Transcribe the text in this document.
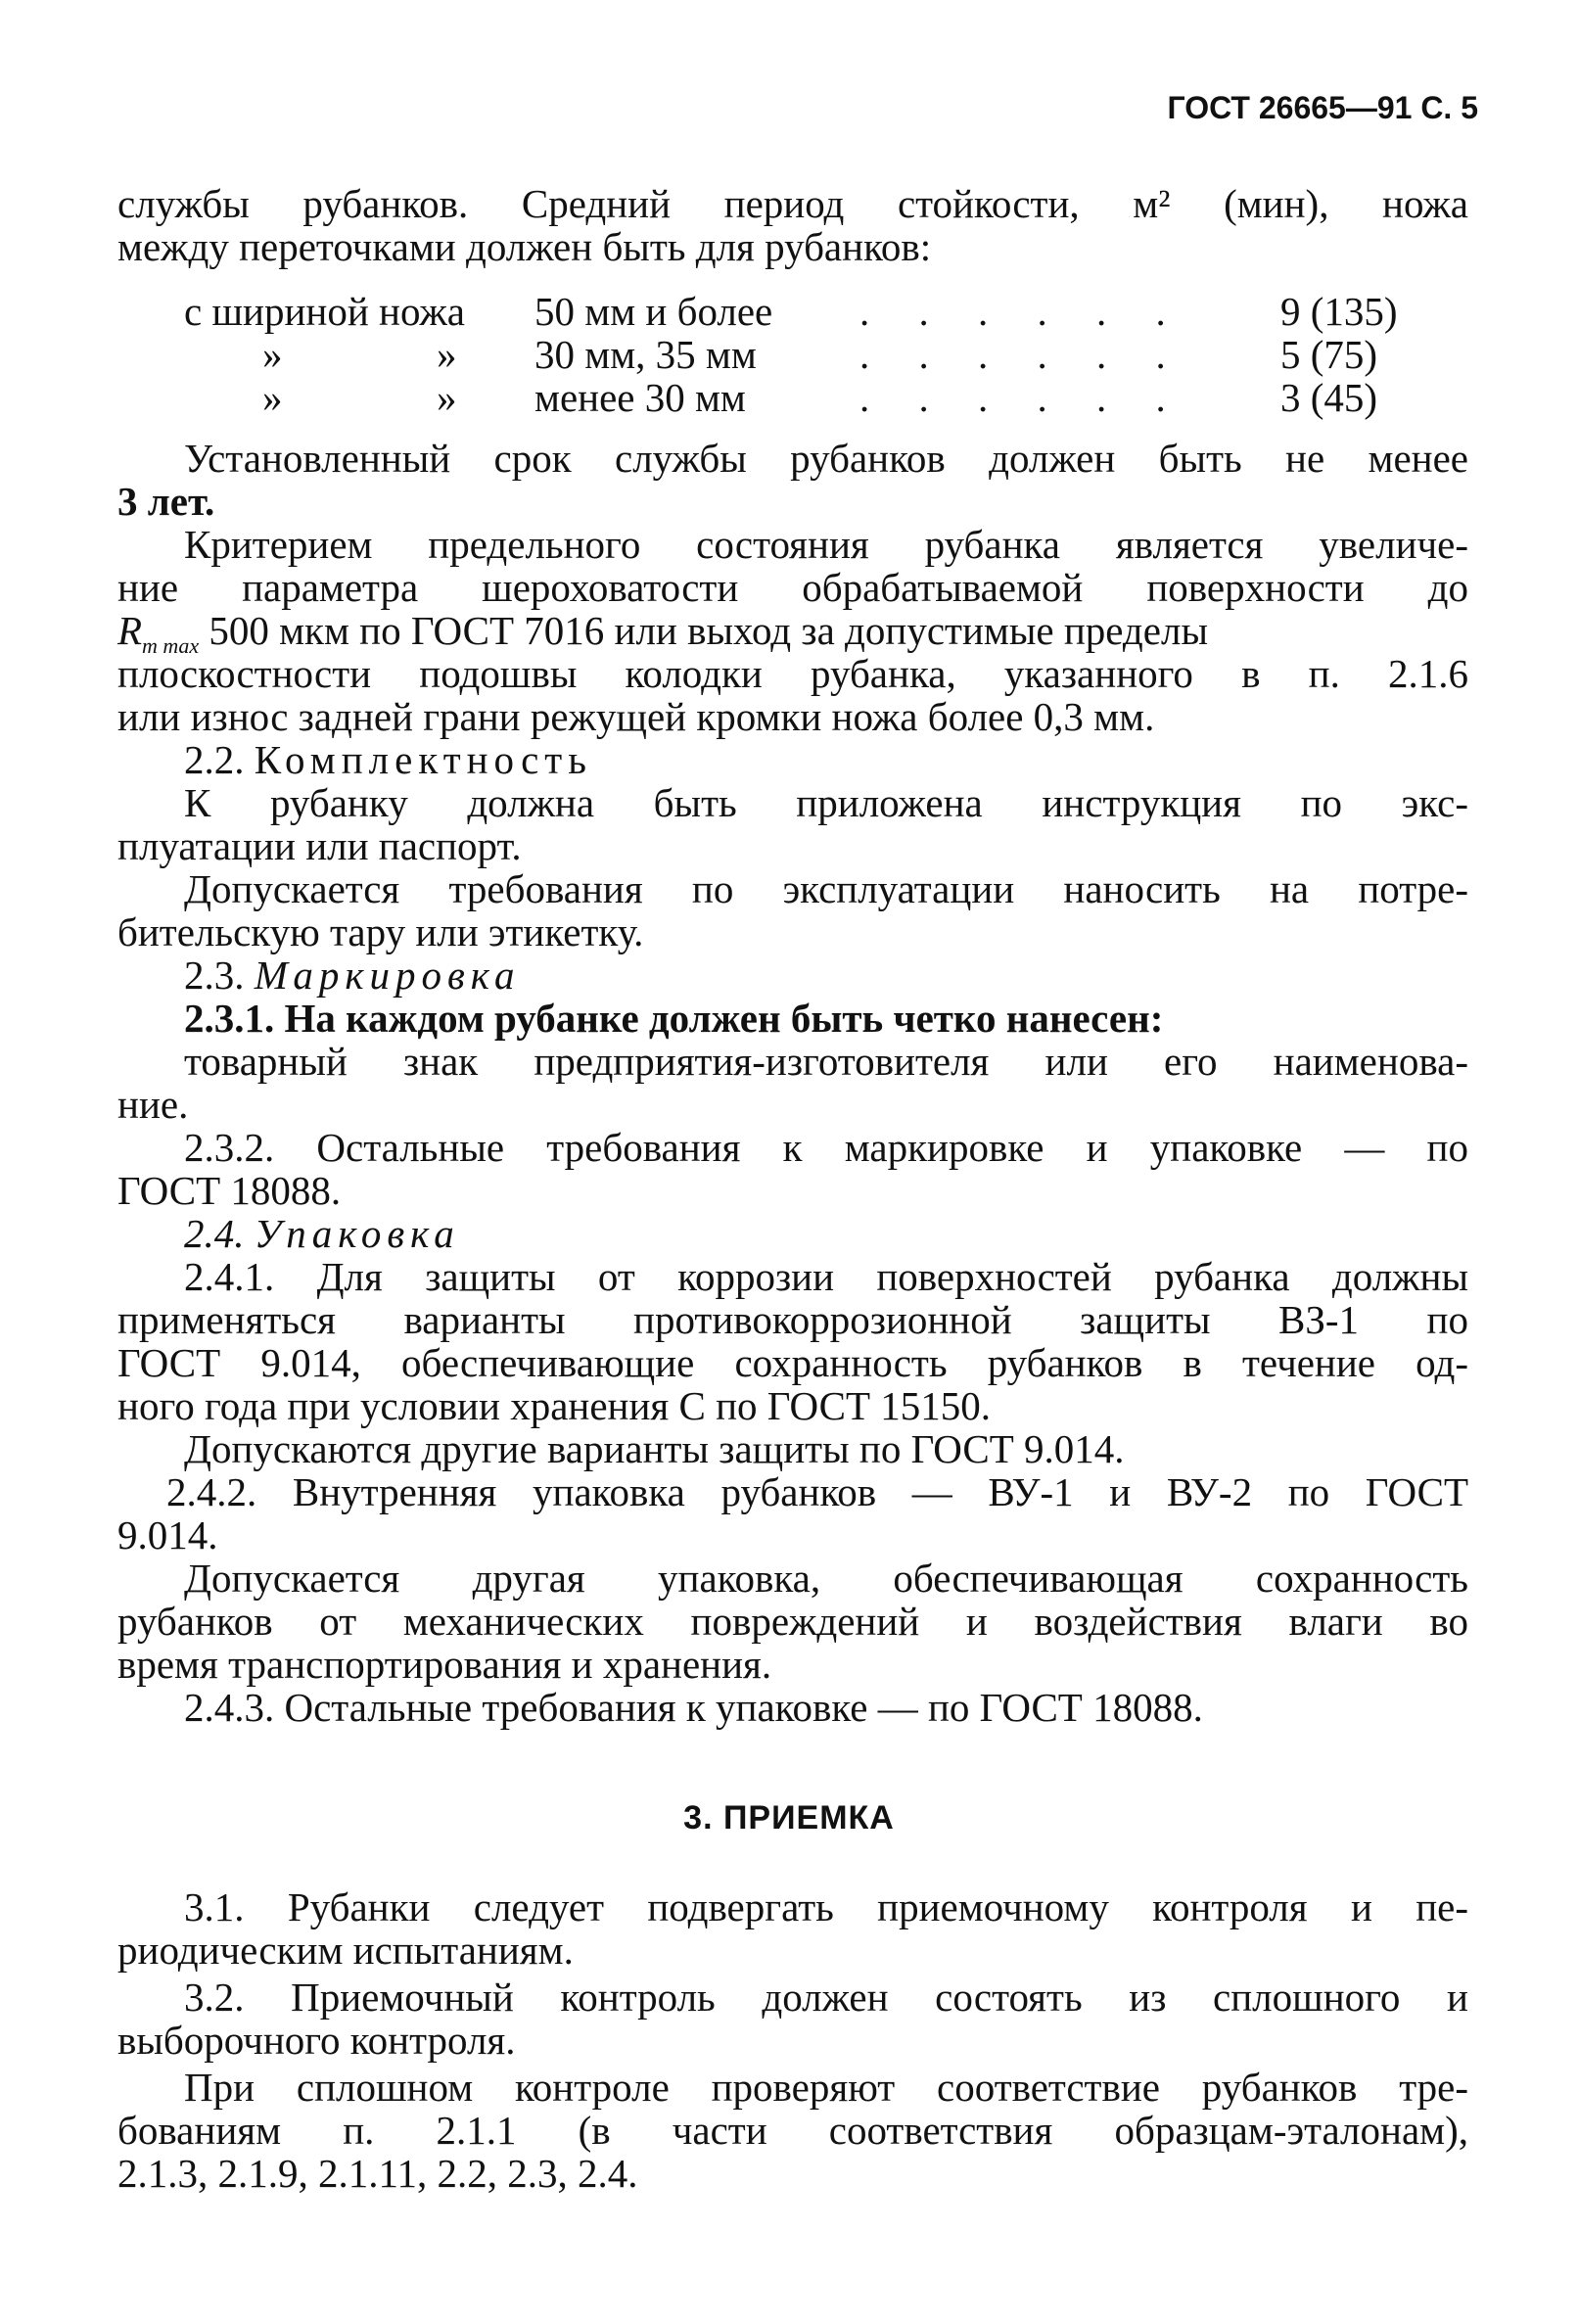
ГОСТ 26665—91 С. 5
службы рубанков. Средний период стойкости, м² (мин), ножа
между переточками должен быть для рубанков:
с шириной ножа 50 мм и более . . . . . . 9 (135)
»	» 30 мм, 35 мм	. . . . . . 5 (75)
»	» менее 30 мм	. . . . . . 3 (45)
Установленный срок службы рубанков должен быть не менее
3 лет.
Критерием предельного состояния рубанка является увеличе-
ние параметра шероховатости обрабатываемой поверхности до
$R_{m max}$ 500 мкм по ГОСТ 7016 или выход за допустимые пределы
плоскостности подошвы колодки рубанка, указанного в п. 2.1.6
или износ задней грани режущей кромки ножа более 0,3 мм.
2.2. Комплектность
К рубанку должна быть приложена инструкция по экс-
плуатации или паспорт.
Допускается требования по эксплуатации наносить на потре-
бительскую тару или этикетку.
2.3. Маркировка
2.3.1. На каждом рубанке должен быть четко нанесен:
товарный знак предприятия-изготовителя или его наименова-
ние.
2.3.2. Остальные требования к маркировке и упаковке — по
ГОСТ 18088.
2.4. Упаковка
2.4.1. Для защиты от коррозии поверхностей рубанка должны
применяться варианты противокоррозионной защиты ВЗ-1 по
ГОСТ 9.014, обеспечивающие сохранность рубанков в течение од-
ного года при условии хранения С по ГОСТ 15150.
Допускаются другие варианты защиты по ГОСТ 9.014.
2.4.2. Внутренняя упаковка рубанков — ВУ-1 и ВУ-2 по ГОСТ
9.014.
Допускается другая упаковка, обеспечивающая сохранность
рубанков от механических повреждений и воздействия влаги во
время транспортирования и хранения.
2.4.3. Остальные требования к упаковке — по ГОСТ 18088.
3. ПРИЕМКА
3.1. Рубанки следует подвергать приемочному контроля и пе-
риодическим испытаниям.
3.2. Приемочный контроль должен состоять из сплошного и
выборочного контроля.
При сплошном контроле проверяют соответствие рубанков тре-
бованиям п. 2.1.1 (в части соответствия образцам-эталонам),
2.1.3, 2.1.9, 2.1.11, 2.2, 2.3, 2.4.
